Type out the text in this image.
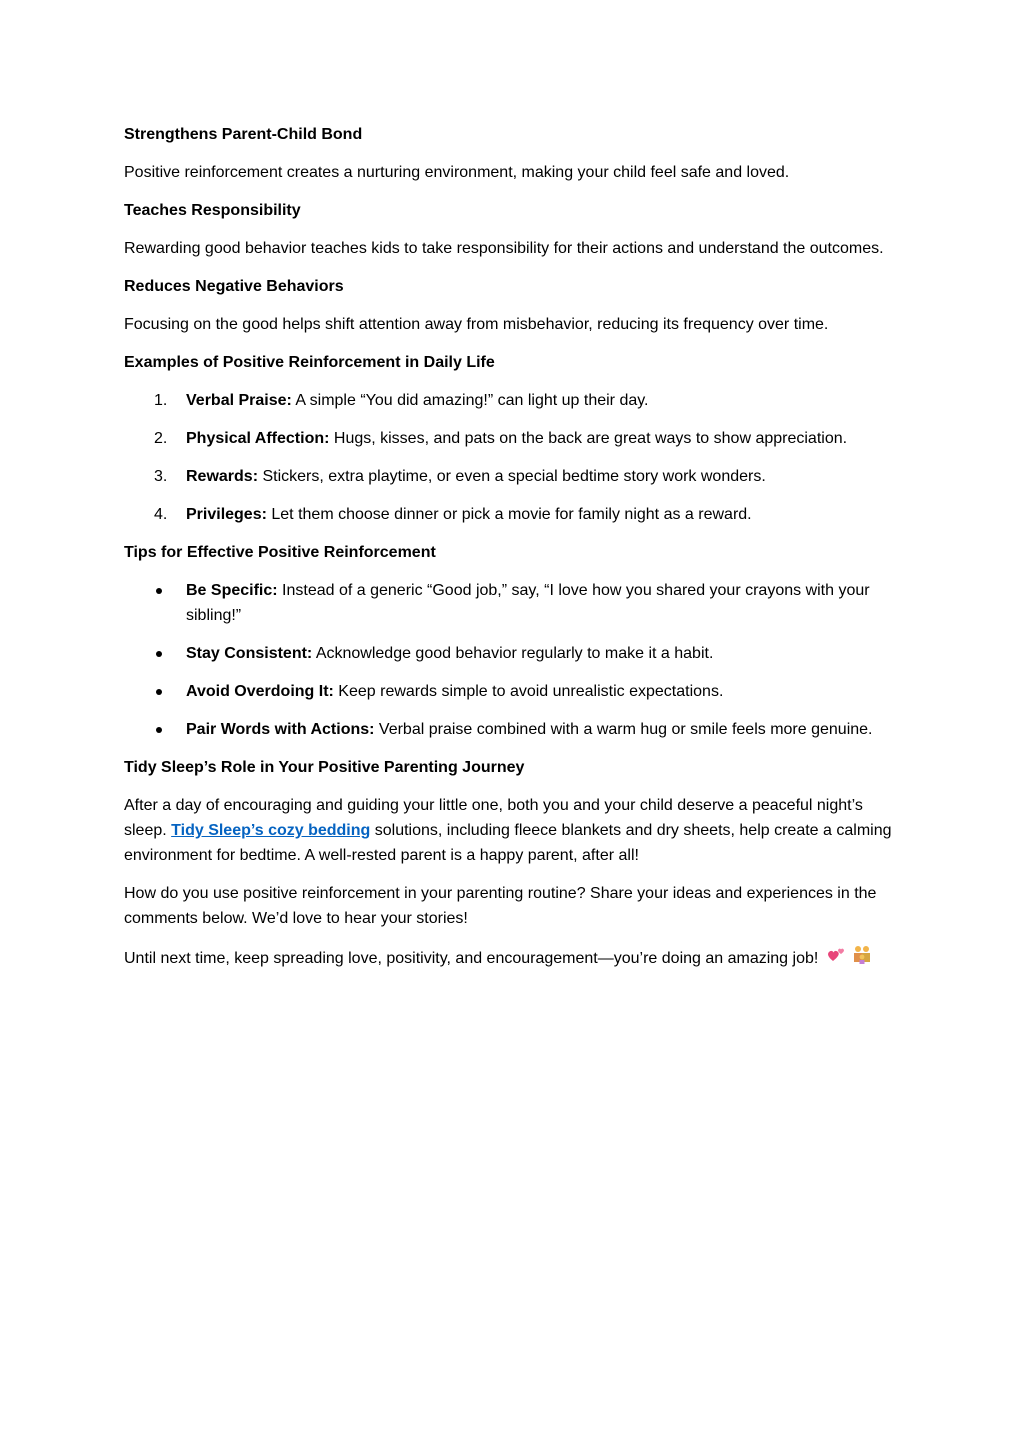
Strengthens Parent-Child Bond

Positive reinforcement creates a nurturing environment, making your child feel safe and loved.

Teaches Responsibility

Rewarding good behavior teaches kids to take responsibility for their actions and understand the outcomes.

Reduces Negative Behaviors

Focusing on the good helps shift attention away from misbehavior, reducing its frequency over time.

Examples of Positive Reinforcement in Daily Life

1. Verbal Praise: A simple “You did amazing!” can light up their day.
2. Physical Affection: Hugs, kisses, and pats on the back are great ways to show appreciation.
3. Rewards: Stickers, extra playtime, or even a special bedtime story work wonders.
4. Privileges: Let them choose dinner or pick a movie for family night as a reward.

Tips for Effective Positive Reinforcement

Be Specific: Instead of a generic “Good job,” say, “I love how you shared your crayons with your sibling!”
Stay Consistent: Acknowledge good behavior regularly to make it a habit.
Avoid Overdoing It: Keep rewards simple to avoid unrealistic expectations.
Pair Words with Actions: Verbal praise combined with a warm hug or smile feels more genuine.

Tidy Sleep’s Role in Your Positive Parenting Journey

After a day of encouraging and guiding your little one, both you and your child deserve a peaceful night’s sleep. Tidy Sleep’s cozy bedding solutions, including fleece blankets and dry sheets, help create a calming environment for bedtime. A well-rested parent is a happy parent, after all!

How do you use positive reinforcement in your parenting routine? Share your ideas and experiences in the comments below. We’d love to hear your stories!

Until next time, keep spreading love, positivity, and encouragement—you’re doing an amazing job!
